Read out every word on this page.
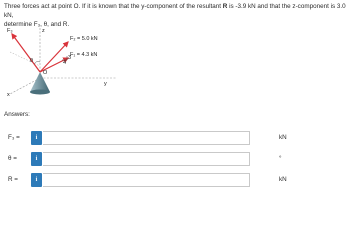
Three forces act at point O. If it is known that the y-component of the resultant R is -3.9 kN and that the z-component is 3.0 kN,
determine F₃, θ, and R.

F₃
θ
O
F₂ = 5.0 kN
F₁ = 4.3 kN
x
y
z
4
3
Answers:
F₃ =	i	kN
θ =	i	°
R =	i	kN
